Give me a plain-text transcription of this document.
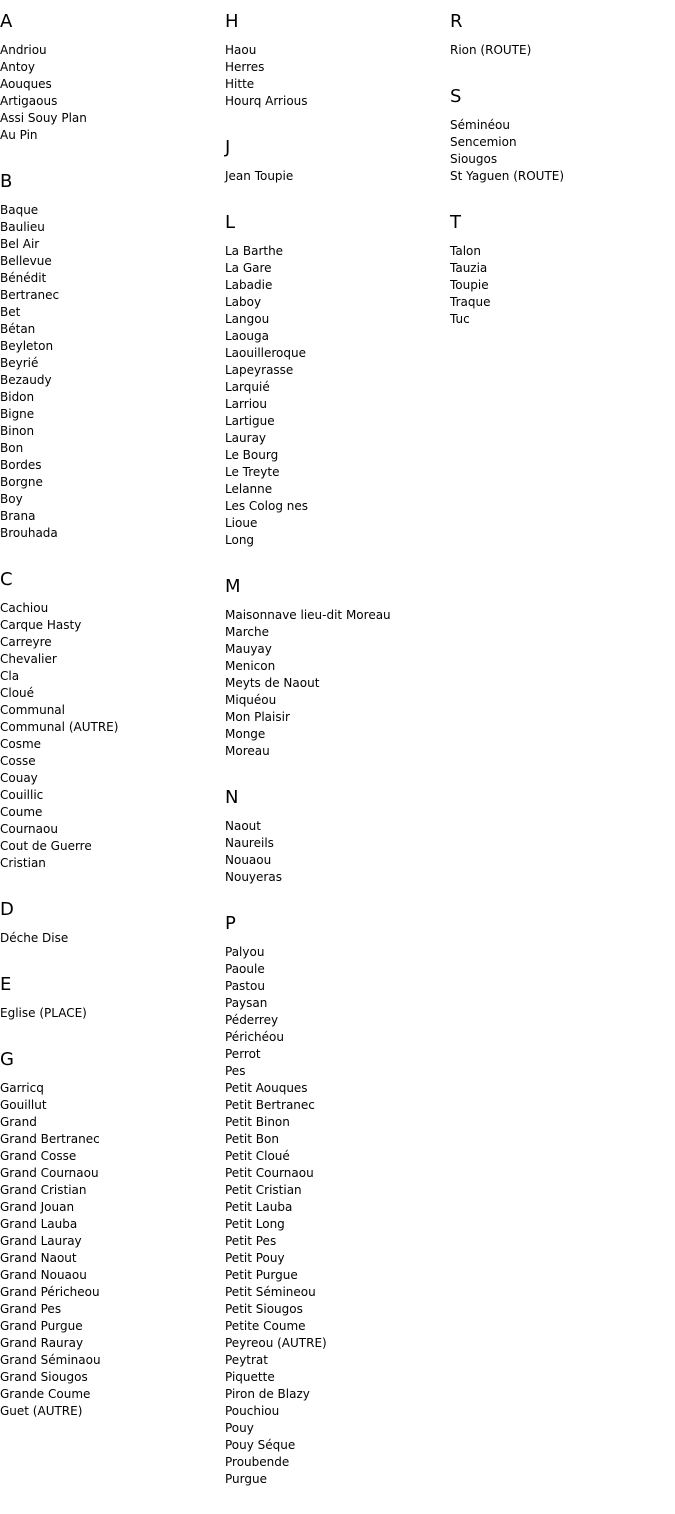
A
Andriou
Antoy
Aouques
Artigaous
Assi Souy Plan
Au Pin
B
Baque
Baulieu
Bel Air
Bellevue
Bénédit
Bertranec
Bet
Bétan
Beyleton
Beyrié
Bezaudy
Bidon
Bigne
Binon
Bon
Bordes
Borgne
Boy
Brana
Brouhada
C
Cachiou
Carque Hasty
Carreyre
Chevalier
Cla
Cloué
Communal
Communal (AUTRE)
Cosme
Cosse
Couay
Couillic
Coume
Cournaou
Cout de Guerre
Cristian
D
Déche Dise
E
Eglise (PLACE)
G
Garricq
Gouillut
Grand
Grand Bertranec
Grand Cosse
Grand Cournaou
Grand Cristian
Grand Jouan
Grand Lauba
Grand Lauray
Grand Naout
Grand Nouaou
Grand Péricheou
Grand Pes
Grand Purgue
Grand Rauray
Grand Séminaou
Grand Siougos
Grande Coume
Guet (AUTRE)
H
Haou
Herres
Hitte
Hourq Arrious
J
Jean Toupie
L
La Barthe
La Gare
Labadie
Laboy
Langou
Laouga
Laouilleroque
Lapeyrasse
Larquié
Larriou
Lartigue
Lauray
Le Bourg
Le Treyte
Lelanne
Les Colog nes
Lioue
Long
M
Maisonnave lieu-dit Moreau
Marche
Mauyay
Menicon
Meyts de Naout
Miquéou
Mon Plaisir
Monge
Moreau
N
Naout
Naureils
Nouaou
Nouyeras
P
Palyou
Paoule
Pastou
Paysan
Péderrey
Périchéou
Perrot
Pes
Petit Aouques
Petit Bertranec
Petit Binon
Petit Bon
Petit Cloué
Petit Cournaou
Petit Cristian
Petit Lauba
Petit Long
Petit Pes
Petit Pouy
Petit Purgue
Petit Sémineou
Petit Siougos
Petite Coume
Peyreou (AUTRE)
Peytrat
Piquette
Piron de Blazy
Pouchiou
Pouy
Pouy Séque
Proubende
Purgue
R
Rion (ROUTE)
S
Séminéou
Sencemion
Siougos
St Yaguen (ROUTE)
T
Talon
Tauzia
Toupie
Traque
Tuc
